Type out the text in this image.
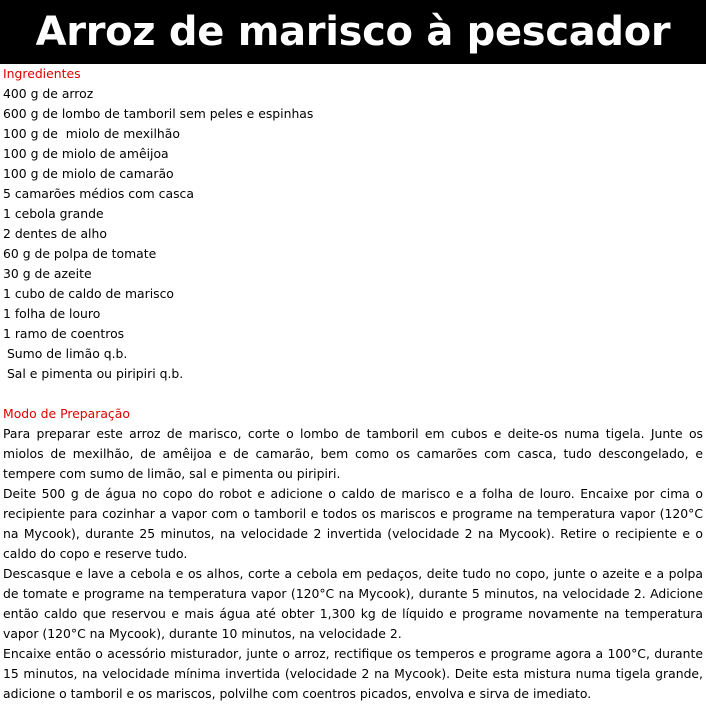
Arroz de marisco à pescador
Ingredientes
400 g de arroz
600 g de lombo de tamboril sem peles e espinhas
100 g de  miolo de mexilhão
100 g de miolo de amêijoa
100 g de miolo de camarão
5 camarões médios com casca
1 cebola grande
2 dentes de alho
60 g de polpa de tomate
30 g de azeite
1 cubo de caldo de marisco
1 folha de louro
1 ramo de coentros
Sumo de limão q.b.
Sal e pimenta ou piripiri q.b.
Modo de Preparação

Para preparar este arroz de marisco, corte o lombo de tamboril em cubos e deite-os numa tigela. Junte os miolos de mexilhão, de amêijoa e de camarão, bem como os camarões com casca, tudo descongelado, e tempere com sumo de limão, sal e pimenta ou piripiri.

Deite 500 g de água no copo do robot e adicione o caldo de marisco e a folha de louro. Encaixe por cima o recipiente para cozinhar a vapor com o tamboril e todos os mariscos e programe na temperatura vapor (120°C na Mycook), durante 25 minutos, na velocidade 2 invertida (velocidade 2 na Mycook). Retire o recipiente e o caldo do copo e reserve tudo.

Descasque e lave a cebola e os alhos, corte a cebola em pedaços, deite tudo no copo, junte o azeite e a polpa de tomate e programe na temperatura vapor (120°C na Mycook), durante 5 minutos, na velocidade 2. Adicione então caldo que reservou e mais água até obter 1,300 kg de líquido e programe novamente na temperatura vapor (120°C na Mycook), durante 10 minutos, na velocidade 2.

Encaixe então o acessório misturador, junte o arroz, rectifique os temperos e programe agora a 100°C, durante 15 minutos, na velocidade mínima invertida (velocidade 2 na Mycook). Deite esta mistura numa tigela grande, adicione o tamboril e os mariscos, polvilhe com coentros picados, envolva e sirva de imediato.
